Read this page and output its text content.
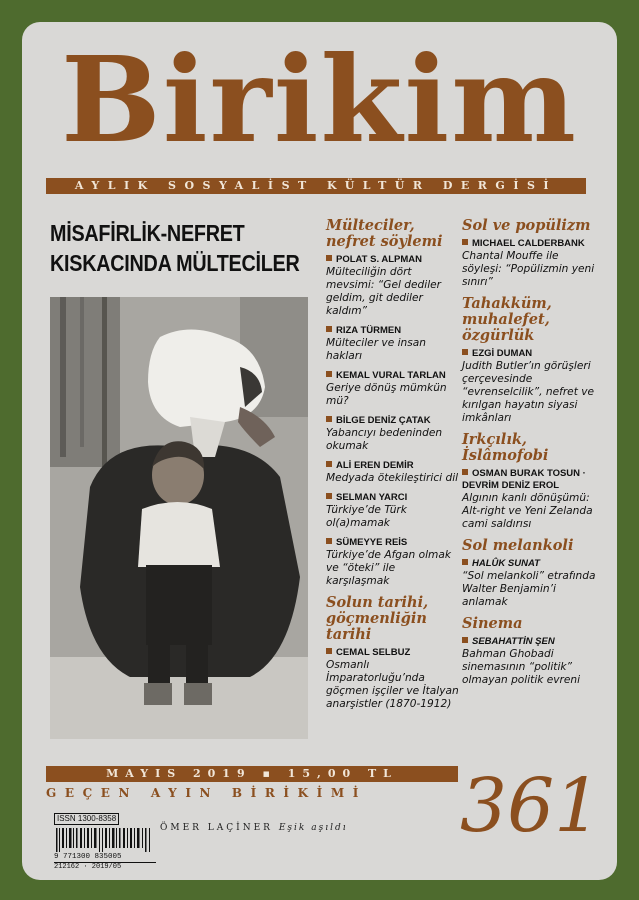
Birikim
AYLIK SOSYALİST KÜLTÜR DERGİSİ
MİSAFİRLİK-NEFRET
KISKACINDA MÜLTECİLER
Mülteciler, nefret söylemi
POLAT S. ALPMAN
Mülteciliğin dört mevsimi: “Gel dediler geldim, git dediler kaldım”
RIZA TÜRMEN
Mülteciler ve insan hakları
KEMAL VURAL TARLAN
Geriye dönüş mümkün mü?
BİLGE DENİZ ÇATAK
Yabancıyı bedeninden okumak
ALİ EREN DEMİR
Medyada ötekileştirici dil
SELMAN YARCI
Türkiye’de Türk ol(a)mamak
SÜMEYYE REİS
Türkiye’de Afgan olmak ve “öteki” ile karşılaşmak
Solun tarihi, göçmenliğin tarihi
CEMAL SELBUZ
Osmanlı İmparatorluğu’nda göçmen işçiler ve İtalyan anarşistler (1870-1912)
Sol ve popülizm
MICHAEL CALDERBANK
Chantal Mouffe ile söyleşi: “Popülizmin yeni sınırı”
Tahakküm, muhalefet, özgürlük
EZGİ DUMAN
Judith Butler’ın görüşleri çerçevesinde “evrenselcilik”, nefret ve kırılgan hayatın siyasi imkânları
Irkçılık, İslâmofobi
OSMAN BURAK TOSUN · DEVRİM DENİZ EROL
Algının kanlı dönüşümü: Alt-right ve Yeni Zelanda cami saldırısı
Sol melankoli
HALÛK SUNAT
“Sol melankoli” etrafında Walter Benjamin’i anlamak
Sinema
SEBAHATTİN ŞEN
Bahman Ghobadi sinemasının “politik” olmayan politik evreni
MAYIS 2019 ▪ 15,00 TL
GEÇEN AYIN BİRİKİMİ	361
ISSN 1300-8358
9 771300 835005
212162 · 2019/05
ÖMER LAÇİNER Eşik aşıldı
